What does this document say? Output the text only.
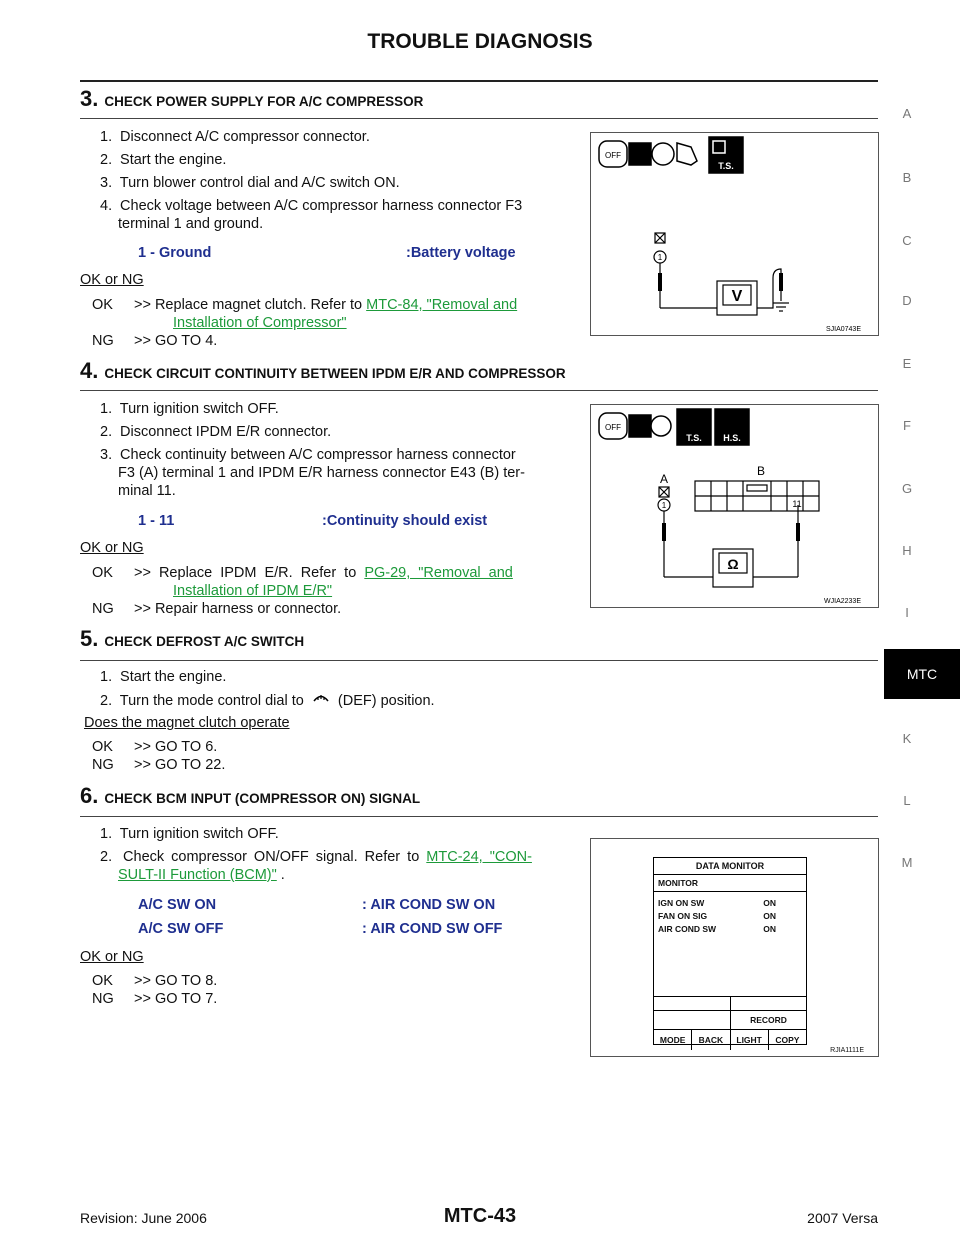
TROUBLE DIAGNOSIS
A
B
C
D
E
F
G
H
I
MTC
K
L
M
3. CHECK POWER SUPPLY FOR A/C COMPRESSOR
1. Disconnect A/C compressor connector.
2. Start the engine.
3. Turn blower control dial and A/C switch ON.
4. Check voltage between A/C compressor harness connector F3
terminal 1 and ground.
1 - Ground	:Battery voltage
OK or NG
OK >> Replace magnet clutch. Refer to MTC-84, "Removal and
Installation of Compressor"
NG >> GO TO 4.
T.S.
OFF
V
1
SJIA0743E
4. CHECK CIRCUIT CONTINUITY BETWEEN IPDM E/R AND COMPRESSOR
1. Turn ignition switch OFF.
2. Disconnect IPDM E/R connector.
3. Check continuity between A/C compressor harness connector
F3 (A) terminal 1 and IPDM E/R harness connector E43 (B) ter-
minal 11.
1 - 11	:Continuity should exist
OK or NG
OK >> Replace IPDM E/R. Refer to PG-29, "Removal and
Installation of IPDM E/R"
NG >> Repair harness or connector.
T.S. H.S.
OFF
A
B
Ω
1	11
WJIA2233E
5. CHECK DEFROST A/C SWITCH
1. Start the engine.
2. Turn the mode control dial to (DEF) position.
Does the magnet clutch operate
OK >> GO TO 6.
NG >> GO TO 22.
6. CHECK BCM INPUT (COMPRESSOR ON) SIGNAL
1. Turn ignition switch OFF.
2. Check compressor ON/OFF signal. Refer to MTC-24, "CON-
SULT-II Function (BCM)" .
A/C SW ON	: AIR COND SW ON
A/C SW OFF	: AIR COND SW OFF
OK or NG
OK >> GO TO 8.
NG >> GO TO 7.
DATA MONITOR
MONITOR
IGN ON SW	ON
FAN ON SIG	ON
AIR COND SW	ON
RECORD
MODE	BACK	LIGHT	COPY
RJIA1111E
Revision: June 2006	MTC-43	2007 Versa
